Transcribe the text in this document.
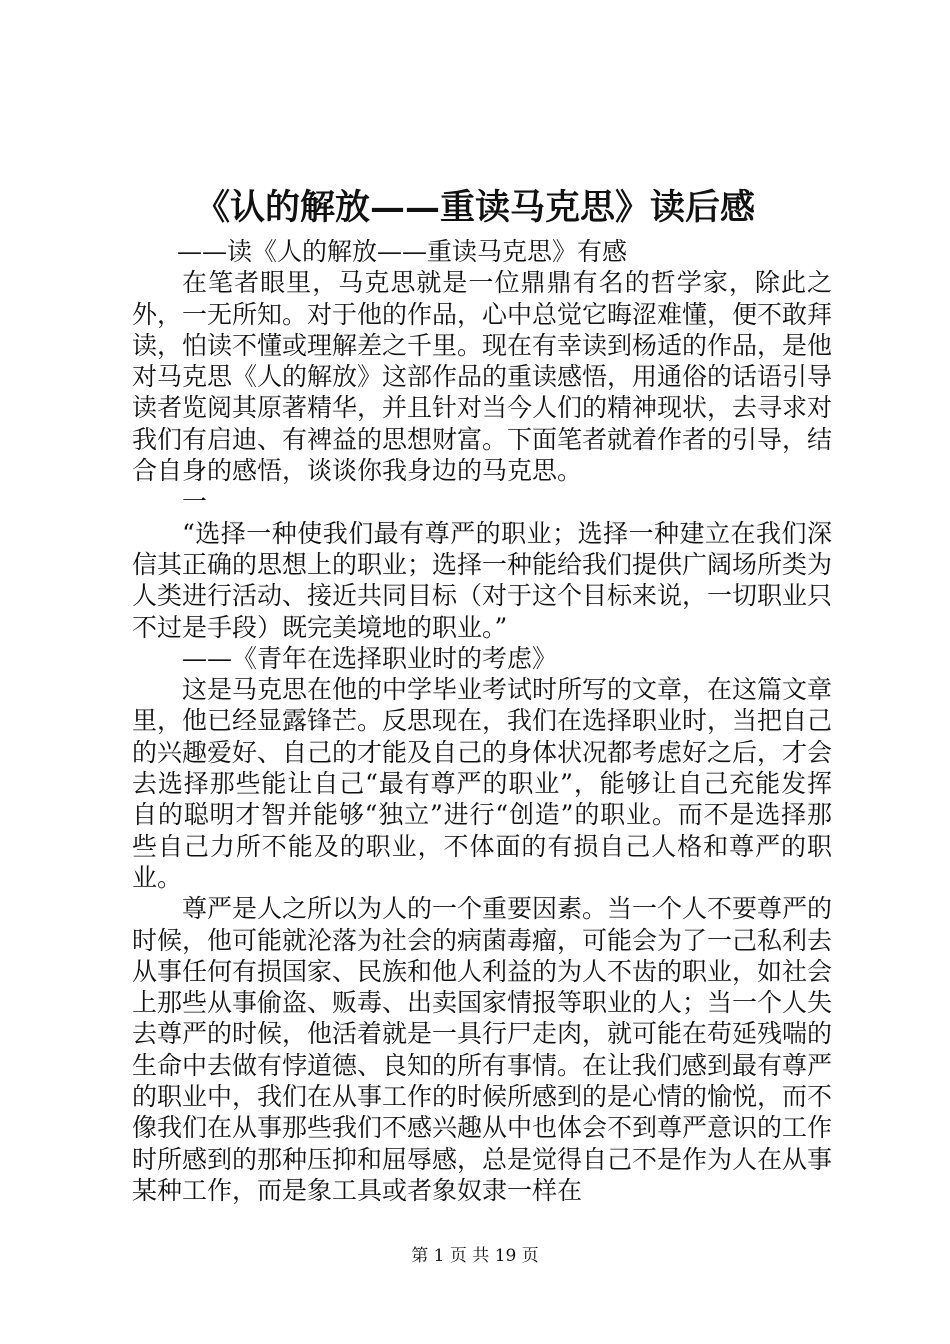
《认的解放——重读马克思》读后感

——读《人的解放——重读马克思》有感

在笔者眼里，马克思就是一位鼎鼎有名的哲学家，除此之外，一无所知。对于他的作品，心中总觉它晦涩难懂，便不敢拜读，怕读不懂或理解差之千里。现在有幸读到杨适的作品，是他对马克思《人的解放》这部作品的重读感悟，用通俗的话语引导读者览阅其原著精华，并且针对当今人们的精神现状，去寻求对我们有启迪、有裨益的思想财富。下面笔者就着作者的引导，结合自身的感悟，谈谈你我身边的马克思。

一

“选择一种使我们最有尊严的职业；选择一种建立在我们深信其正确的思想上的职业；选择一种能给我们提供广阔场所类为人类进行活动、接近共同目标（对于这个目标来说，一切职业只不过是手段）既完美境地的职业。”

——《青年在选择职业时的考虑》

这是马克思在他的中学毕业考试时所写的文章，在这篇文章里，他已经显露锋芒。反思现在，我们在选择职业时，当把自己的兴趣爱好、自己的才能及自己的身体状况都考虑好之后，才会去选择那些能让自己“最有尊严的职业”，能够让自己充能发挥自的聪明才智并能够“独立”进行“创造”的职业。而不是选择那些自己力所不能及的职业，不体面的有损自己人格和尊严的职业。

尊严是人之所以为人的一个重要因素。当一个人不要尊严的时候，他可能就沦落为社会的病菌毒瘤，可能会为了一己私利去从事任何有损国家、民族和他人利益的为人不齿的职业，如社会上那些从事偷盗、贩毒、出卖国家情报等职业的人；当一个人失去尊严的时候，他活着就是一具行尸走肉，就可能在苟延残喘的生命中去做有悖道德、良知的所有事情。在让我们感到最有尊严的职业中，我们在从事工作的时候所感到的是心情的愉悦，而不像我们在从事那些我们不感兴趣从中也体会不到尊严意识的工作时所感到的那种压抑和屈辱感，总是觉得自己不是作为人在从事某种工作，而是象工具或者象奴隶一样在

第 1 页 共 19 页
